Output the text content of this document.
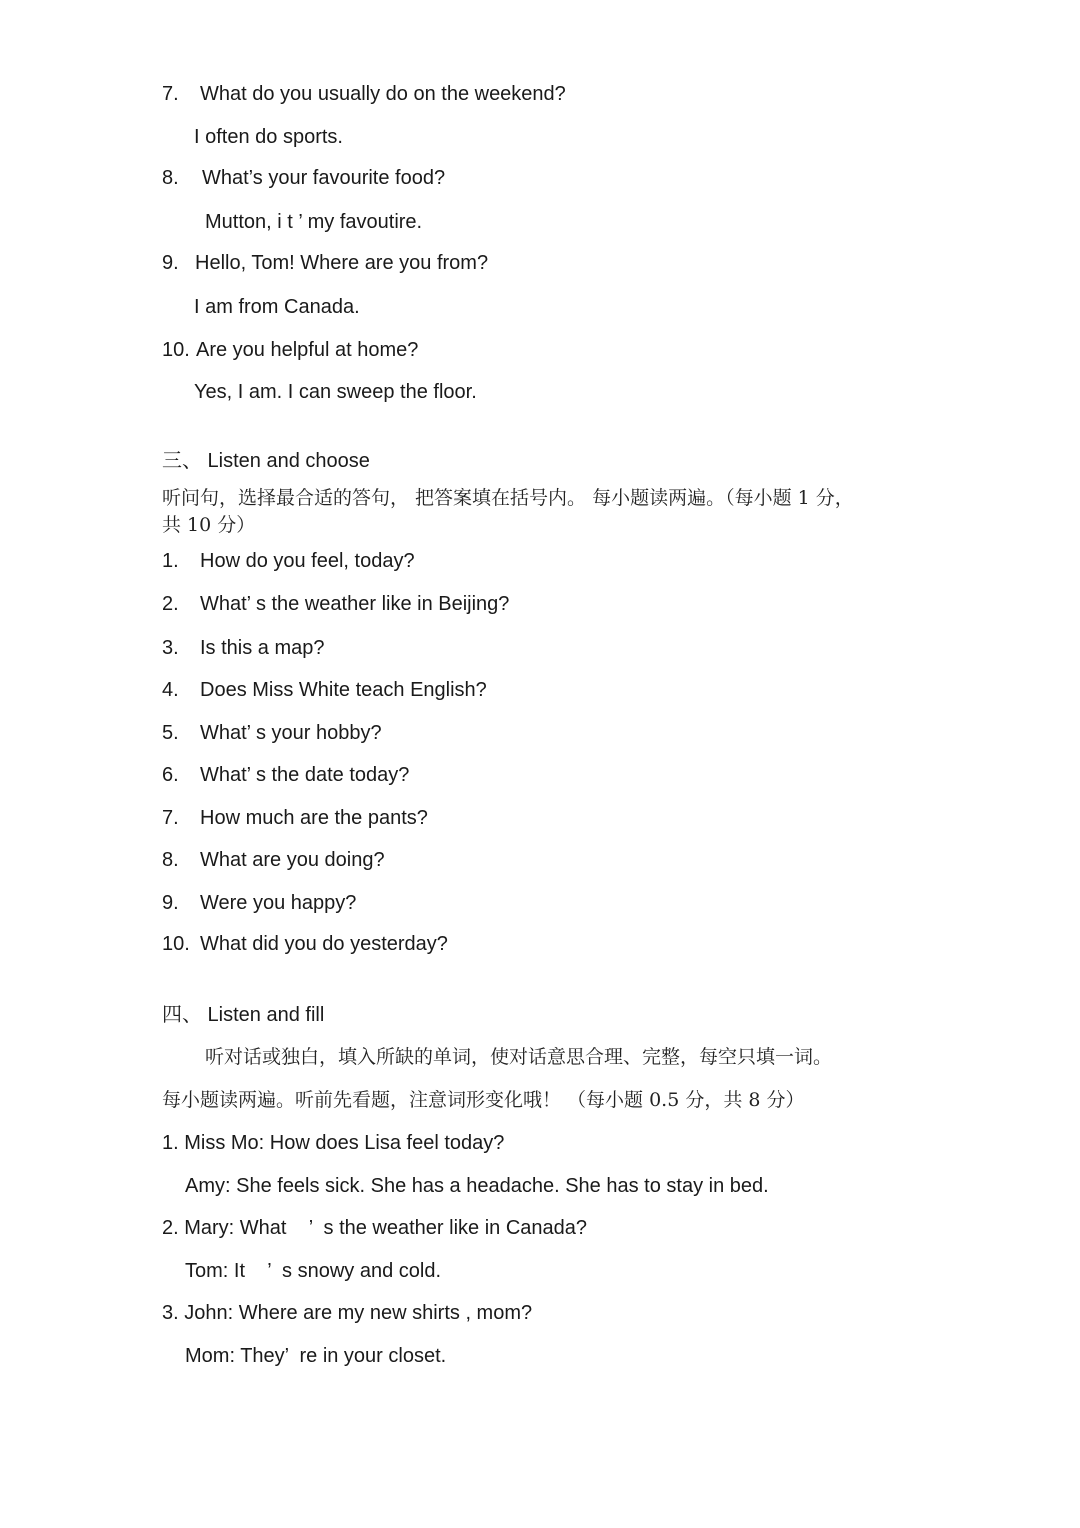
7. What do you usually do on the weekend?
I often do sports.
8. What’s your favourite food?
Mutton, i t ’ my favoutire.
9. Hello, Tom! Where are you from?
I am from Canada.
10. Are you helpful at home?
Yes, I am. I can sweep the floor.
三、 Listen and choose
听问句，选择最合适的答句， 把答案填在括号内。 每小题读两遍。（每小题 1 分，
共 10 分）
1. How do you feel, today?
2. What’ s the weather like in Beijing?
3. Is this a map?
4. Does Miss White teach English?
5. What’ s your hobby?
6. What’ s the date today?
7. How much are the pants?
8. What are you doing?
9. Were you happy?
10. What did you do yesterday?
四、 Listen and fill
听对话或独白，填入所缺的单词，使对话意思合理、完整，每空只填一词。
每小题读两遍。听前先看题，注意词形变化哦！ （每小题 0.5 分，共 8 分）
1. Miss Mo: How does Lisa feel today?
Amy: She feels sick. She has a headache. She has to stay in bed.
2. Mary: What    ’  s the weather like in Canada?
Tom: It    ’  s snowy and cold.
3. John: Where are my new shirts , mom?
Mom: They’  re in your closet.
